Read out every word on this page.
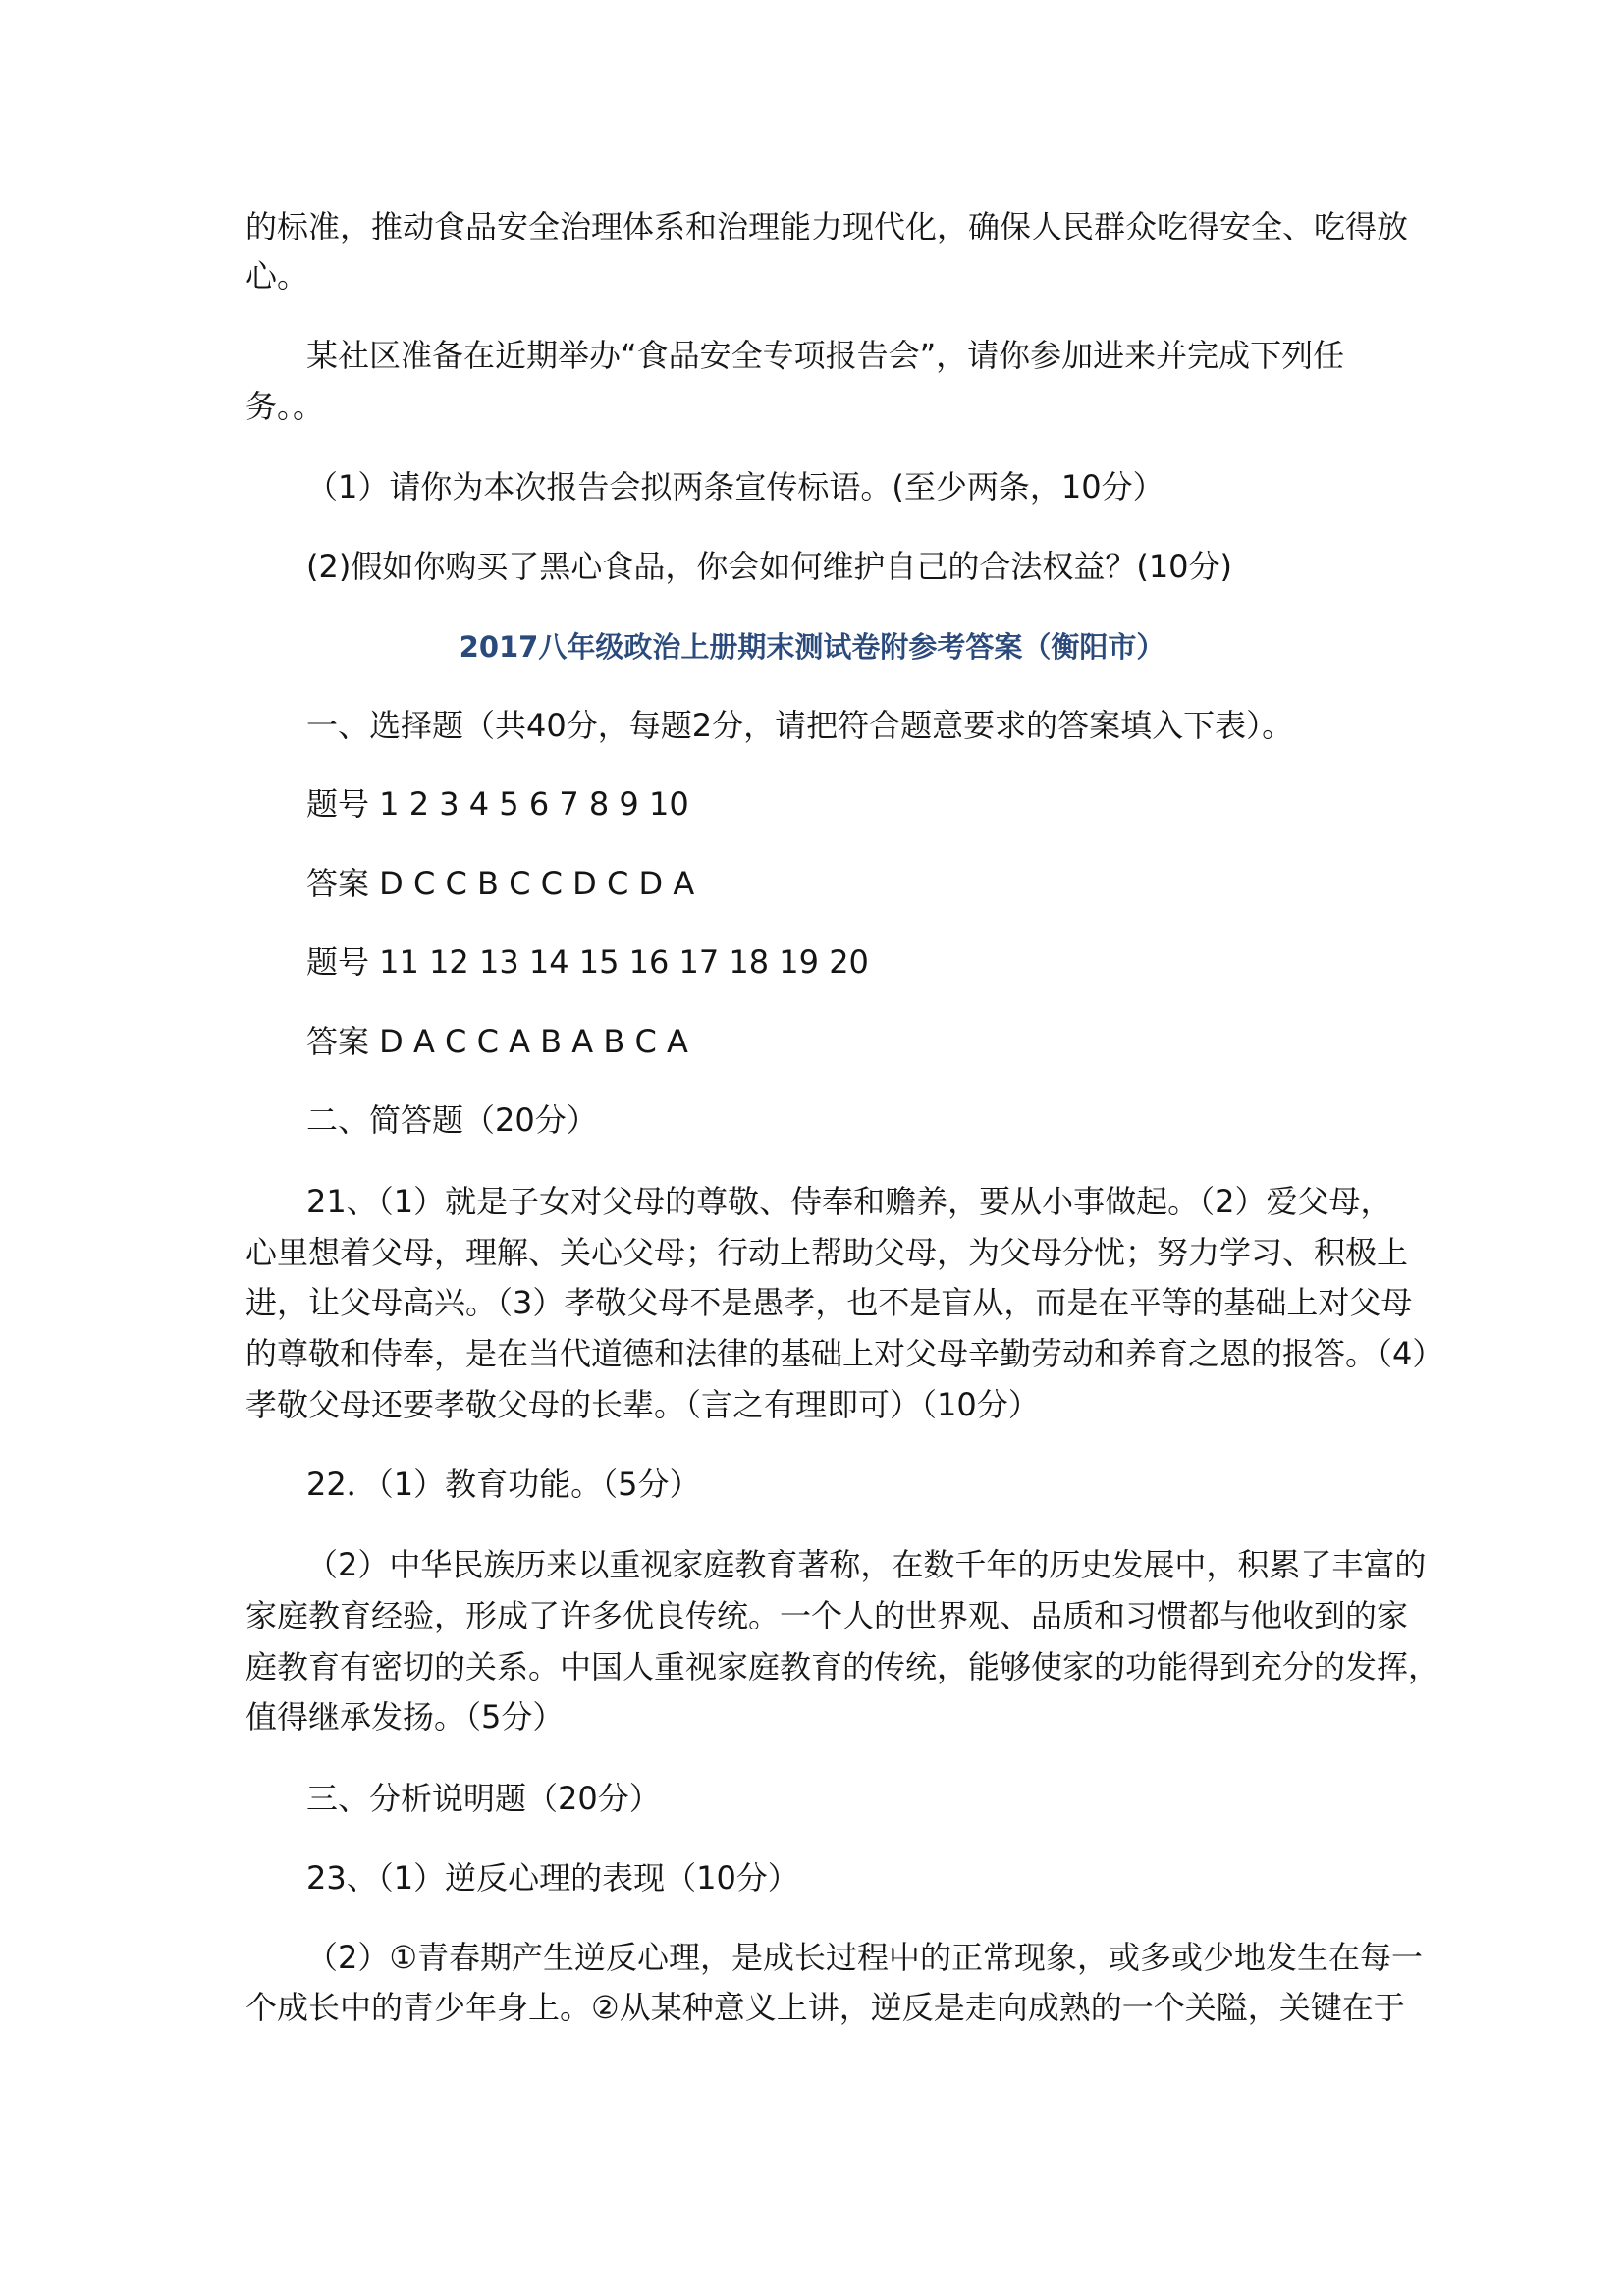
的标准，推动食品安全治理体系和治理能力现代化，确保人民群众吃得安全、吃得放

心。

某社区准备在近期举办“食品安全专项报告会”，请你参加进来并完成下列任

务。。

（1）请你为本次报告会拟两条宣传标语。(至少两条，10分）

(2)假如你购买了黑心食品，你会如何维护自己的合法权益？(10分)

2017八年级政治上册期末测试卷附参考答案（衡阳市）

一、选择题（共40分，每题2分，请把符合题意要求的答案填入下表）。

题号 1 2 3 4 5 6 7 8 9 10

答案 D C C B C C D C D A

题号 11 12 13 14 15 16 17 18 19 20

答案 D A C C A B A B C A

二、简答题（20分）

21、（1）就是子女对父母的尊敬、侍奉和赡养，要从小事做起。（2）爱父母，

心里想着父母，理解、关心父母；行动上帮助父母，为父母分忧；努力学习、积极上

进，让父母高兴。（3）孝敬父母不是愚孝，也不是盲从，而是在平等的基础上对父母

的尊敬和侍奉，是在当代道德和法律的基础上对父母辛勤劳动和养育之恩的报答。（4）

孝敬父母还要孝敬父母的长辈。（言之有理即可）（10分）

22．（1）教育功能。（5分）

（2）中华民族历来以重视家庭教育著称，在数千年的历史发展中，积累了丰富的

家庭教育经验，形成了许多优良传统。一个人的世界观、品质和习惯都与他收到的家

庭教育有密切的关系。中国人重视家庭教育的传统，能够使家的功能得到充分的发挥，

值得继承发扬。（5分）

三、分析说明题（20分）

23、（1）逆反心理的表现（10分）

（2）①青春期产生逆反心理，是成长过程中的正常现象，或多或少地发生在每一

个成长中的青少年身上。②从某种意义上讲，逆反是走向成熟的一个关隘，关键在于
